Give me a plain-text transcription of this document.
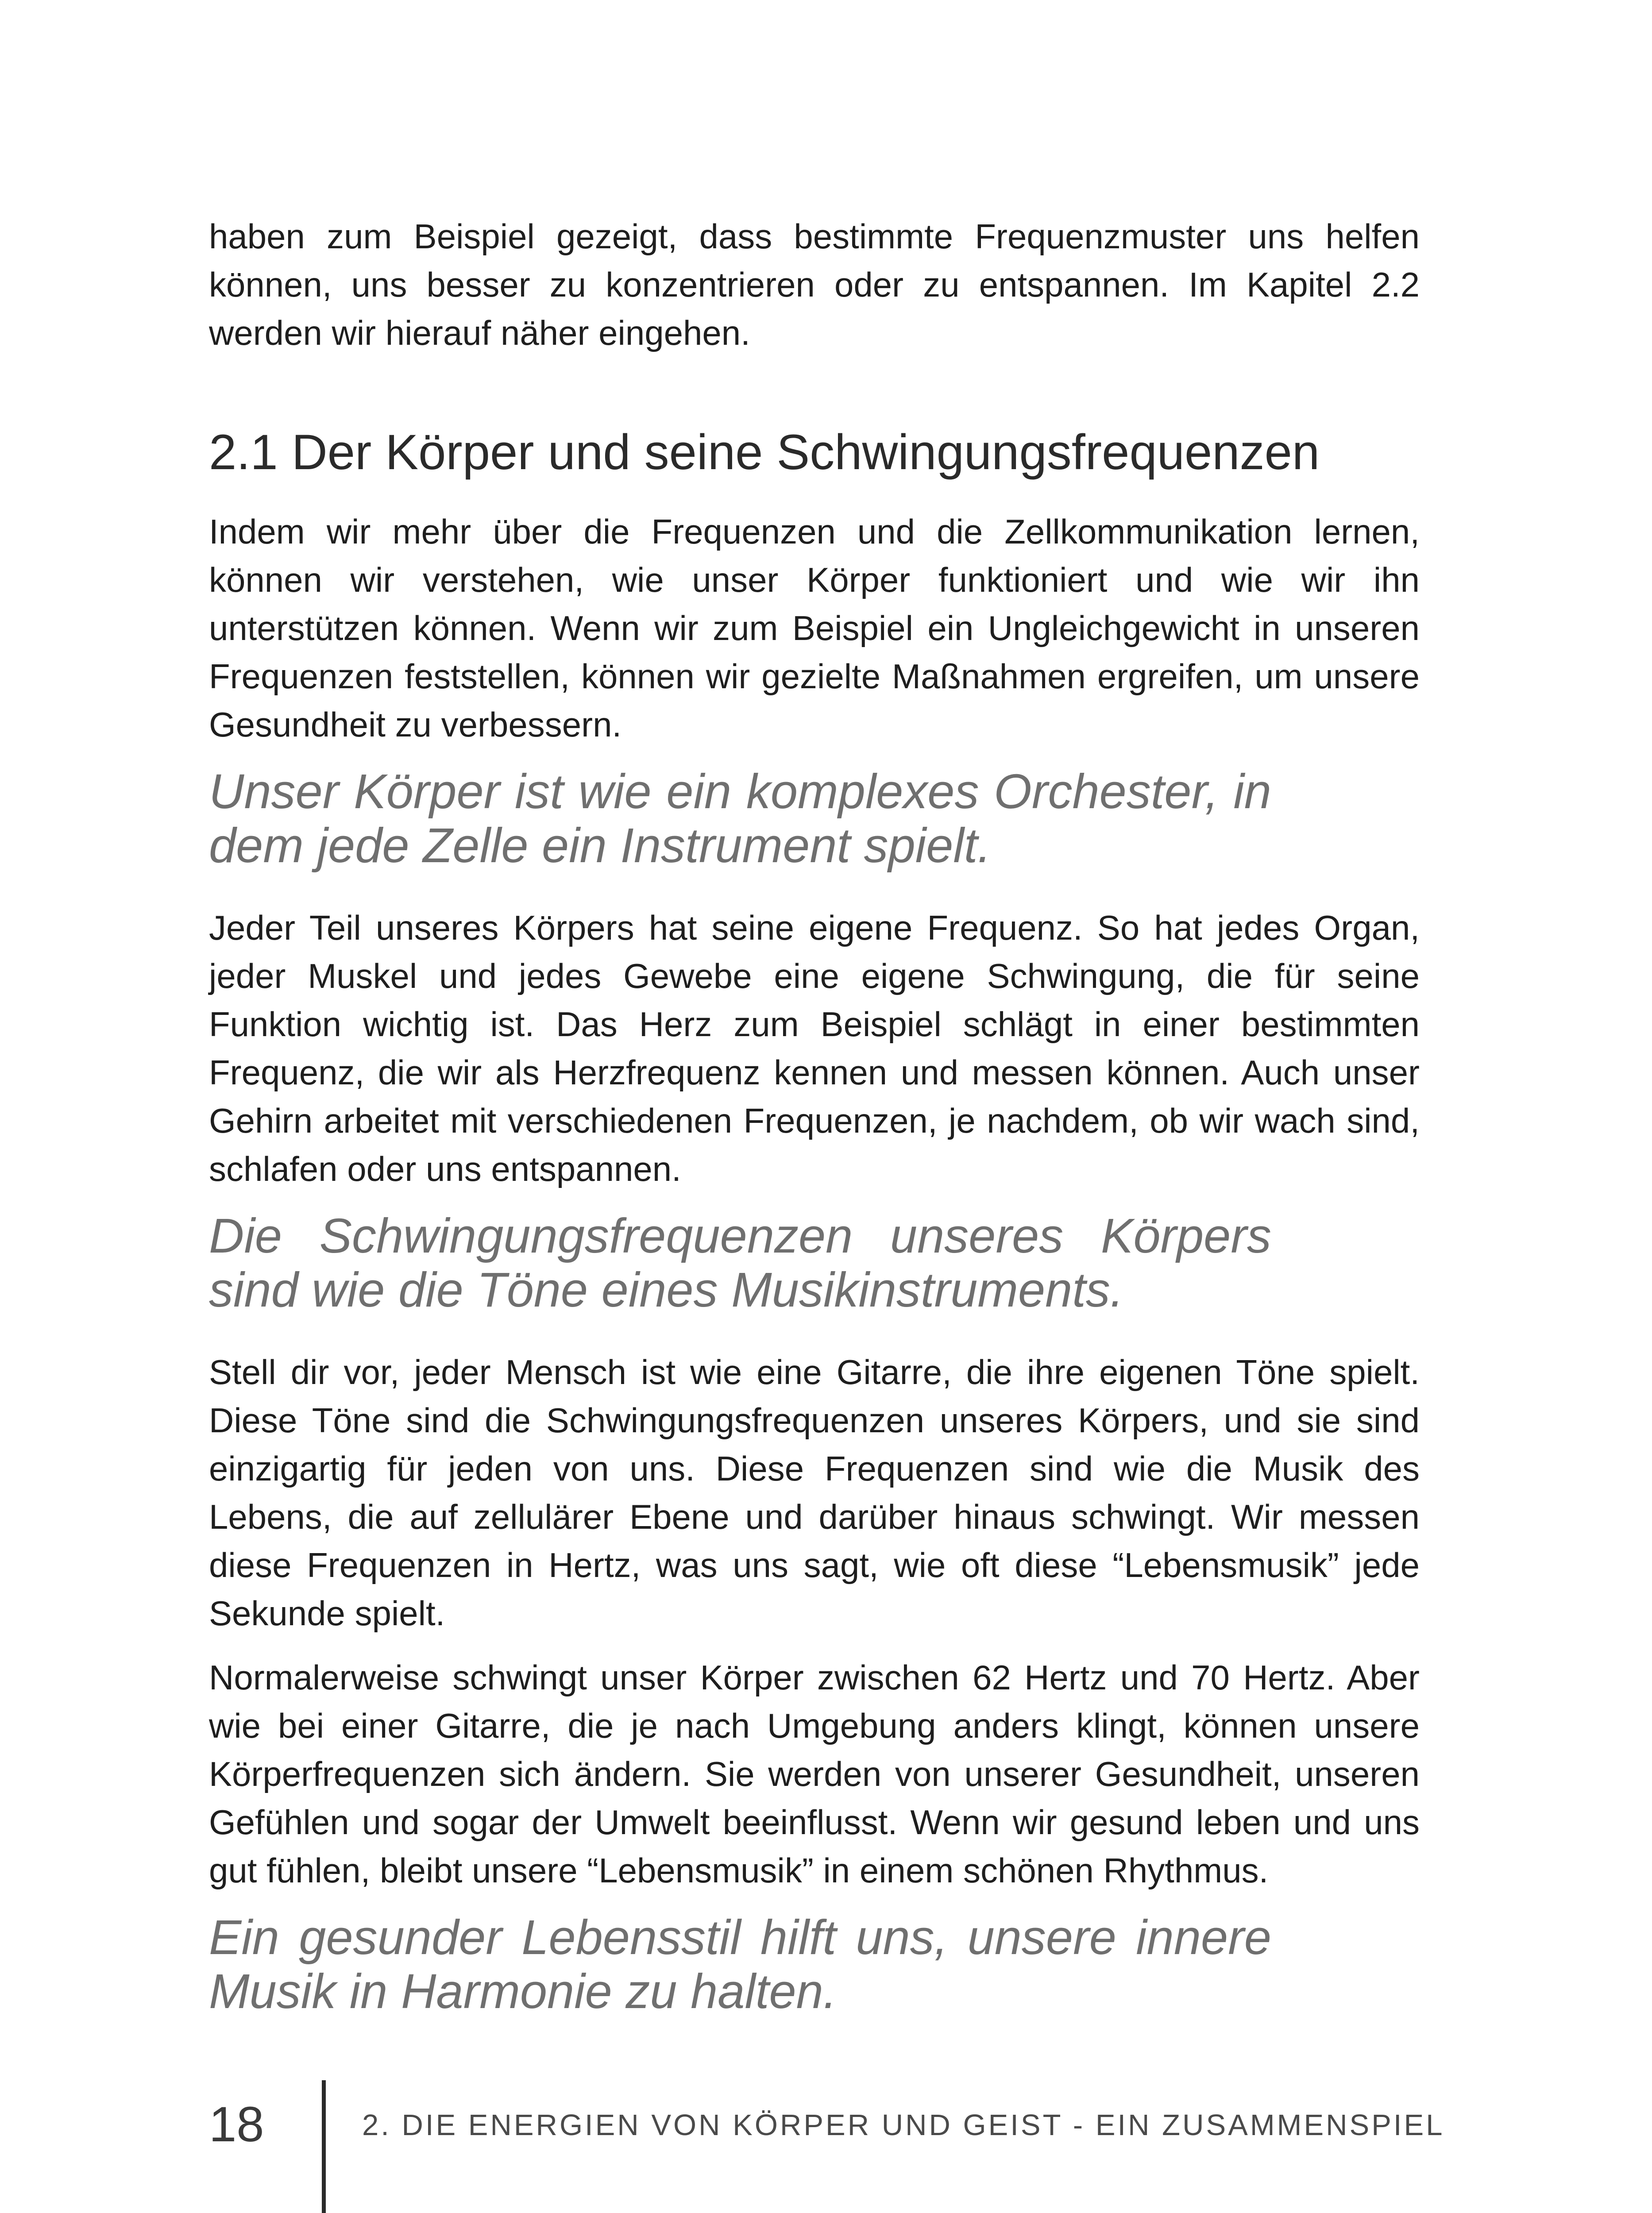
haben zum Beispiel gezeigt, dass bestimmte Frequenzmuster uns helfen können, uns besser zu konzentrieren oder zu entspannen. Im Kapitel 2.2 werden wir hierauf näher eingehen.

2.1 Der Körper und seine Schwingungsfrequenzen

Indem wir mehr über die Frequenzen und die Zellkommunikation lernen, können wir verstehen, wie unser Körper funktioniert und wie wir ihn unterstützen können. Wenn wir zum Beispiel ein Ungleichgewicht in unseren Frequenzen feststellen, können wir gezielte Maßnahmen ergreifen, um unsere Gesundheit zu verbessern.

Unser Körper ist wie ein komplexes Orchester, in
dem jede Zelle ein Instrument spielt.

Jeder Teil unseres Körpers hat seine eigene Frequenz. So hat jedes Organ, jeder Muskel und jedes Gewebe eine eigene Schwingung, die für seine Funktion wichtig ist. Das Herz zum Beispiel schlägt in einer bestimmten Frequenz, die wir als Herzfrequenz kennen und messen können. Auch unser Gehirn arbeitet mit verschiedenen Frequenzen, je nachdem, ob wir wach sind, schlafen oder uns entspannen.

Die Schwingungsfrequenzen unseres Körpers
sind wie die Töne eines Musikinstruments.

Stell dir vor, jeder Mensch ist wie eine Gitarre, die ihre eigenen Töne spielt. Diese Töne sind die Schwingungsfrequenzen unseres Körpers, und sie sind einzigartig für jeden von uns. Diese Frequenzen sind wie die Musik des Lebens, die auf zellulärer Ebene und darüber hinaus schwingt. Wir messen diese Frequenzen in Hertz, was uns sagt, wie oft diese “Lebensmusik” jede Sekunde spielt.

Normalerweise schwingt unser Körper zwischen 62 Hertz und 70 Hertz. Aber wie bei einer Gitarre, die je nach Umgebung anders klingt, können unsere Körperfrequenzen sich ändern. Sie werden von unserer Gesundheit, unseren Gefühlen und sogar der Umwelt beeinflusst. Wenn wir gesund leben und uns gut fühlen, bleibt unsere “Lebensmusik” in einem schönen Rhythmus.

Ein gesunder Lebensstil hilft uns, unsere innere
Musik in Harmonie zu halten.
18	2. DIE ENERGIEN VON KÖRPER UND GEIST - EIN ZUSAMMENSPIEL
